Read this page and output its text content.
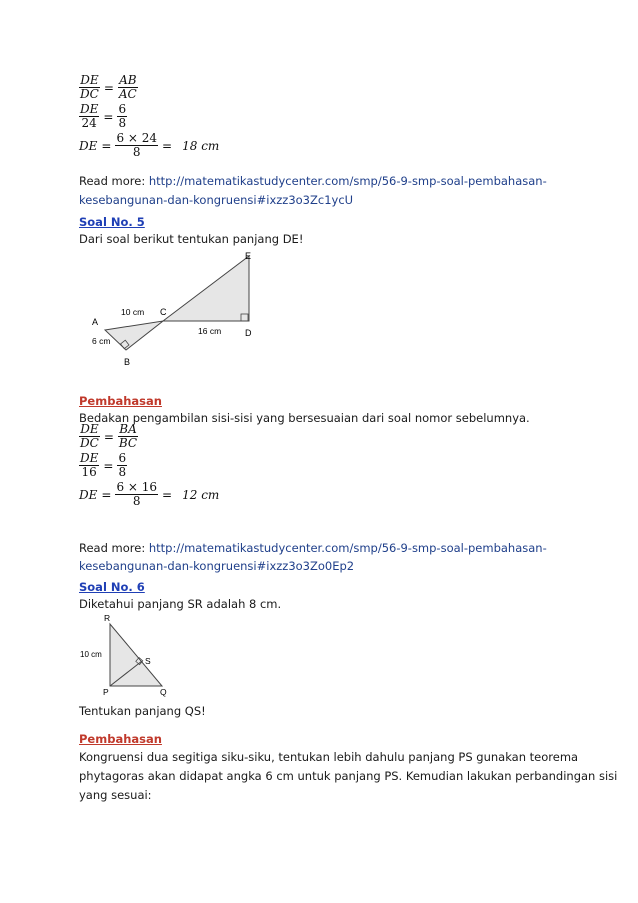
$\frac{DE}{DC} = \frac{AB}{AC}$
$\frac{DE}{24} = \frac{6}{8}$
DE = $\frac{6 \times 24}{8} = 18$ cm
Read more: http://matematikastudycenter.com/smp/56-9-smp-soal-pembahasan-
kesebangunan-dan-kongruensi#ixzz3o3Zc1ycU
Soal No. 5
Dari soal berikut tentukan panjang DE!
E
A
C
D
B
10 cm
16 cm
6 cm
Pembahasan
Bedakan pengambilan sisi-sisi yang bersesuaian dari soal nomor sebelumnya.
$\frac{DE}{DC} = \frac{BA}{BC}$
$\frac{DE}{16} = \frac{6}{8}$
DE = $\frac{6 \times 16}{8} = 12$ cm
Read more: http://matematikastudycenter.com/smp/56-9-smp-soal-pembahasan-
kesebangunan-dan-kongruensi#ixzz3o3Zo0Ep2
Soal No. 6
Diketahui panjang SR adalah 8 cm.
R
S
P	Q
10 cm
Tentukan panjang QS!
Pembahasan
Kongruensi dua segitiga siku-siku, tentukan lebih dahulu panjang PS gunakan teorema
phytagoras akan didapat angka 6 cm untuk panjang PS. Kemudian lakukan perbandingan sisi
yang sesuai:
